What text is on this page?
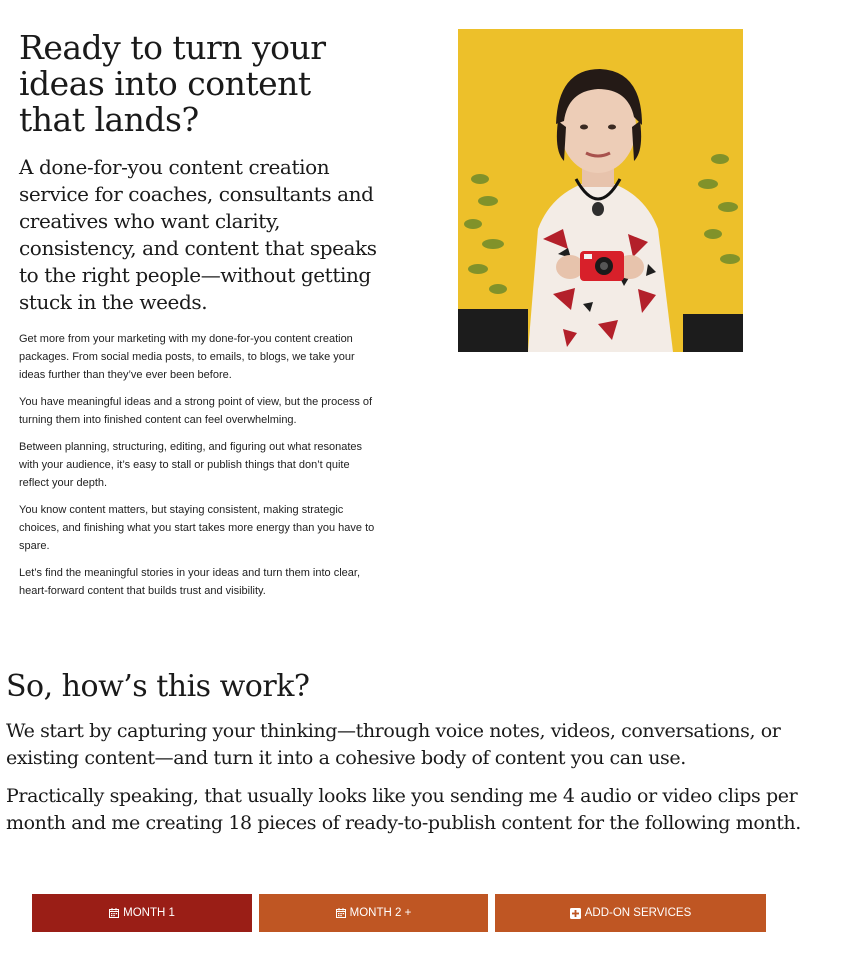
Ready to turn your ideas into content that lands?
A done-for-you content creation service for coaches, consultants and creatives who want clarity, consistency, and content that speaks to the right people—without getting stuck in the weeds.

Get more from your marketing with my done-for-you content creation packages. From social media posts, to emails, to blogs, we take your ideas further than they’ve ever been before.

You have meaningful ideas and a strong point of view, but the process of turning them into finished content can feel overwhelming.

Between planning, structuring, editing, and figuring out what resonates with your audience, it’s easy to stall or publish things that don’t quite reflect your depth.

You know content matters, but staying consistent, making strategic choices, and finishing what you start takes more energy than you have to spare.

Let’s find the meaningful stories in your ideas and turn them into clear, heart-forward content that builds trust and visibility.

So, how’s this work?

We start by capturing your thinking—through voice notes, videos, conversations, or existing content—and turn it into a cohesive body of content you can use.

Practically speaking, that usually looks like you sending me 4 audio or video clips per month and me creating 18 pieces of ready-to-publish content for the following month.

MONTH 1	MONTH 2 +	ADD-ON SERVICES
